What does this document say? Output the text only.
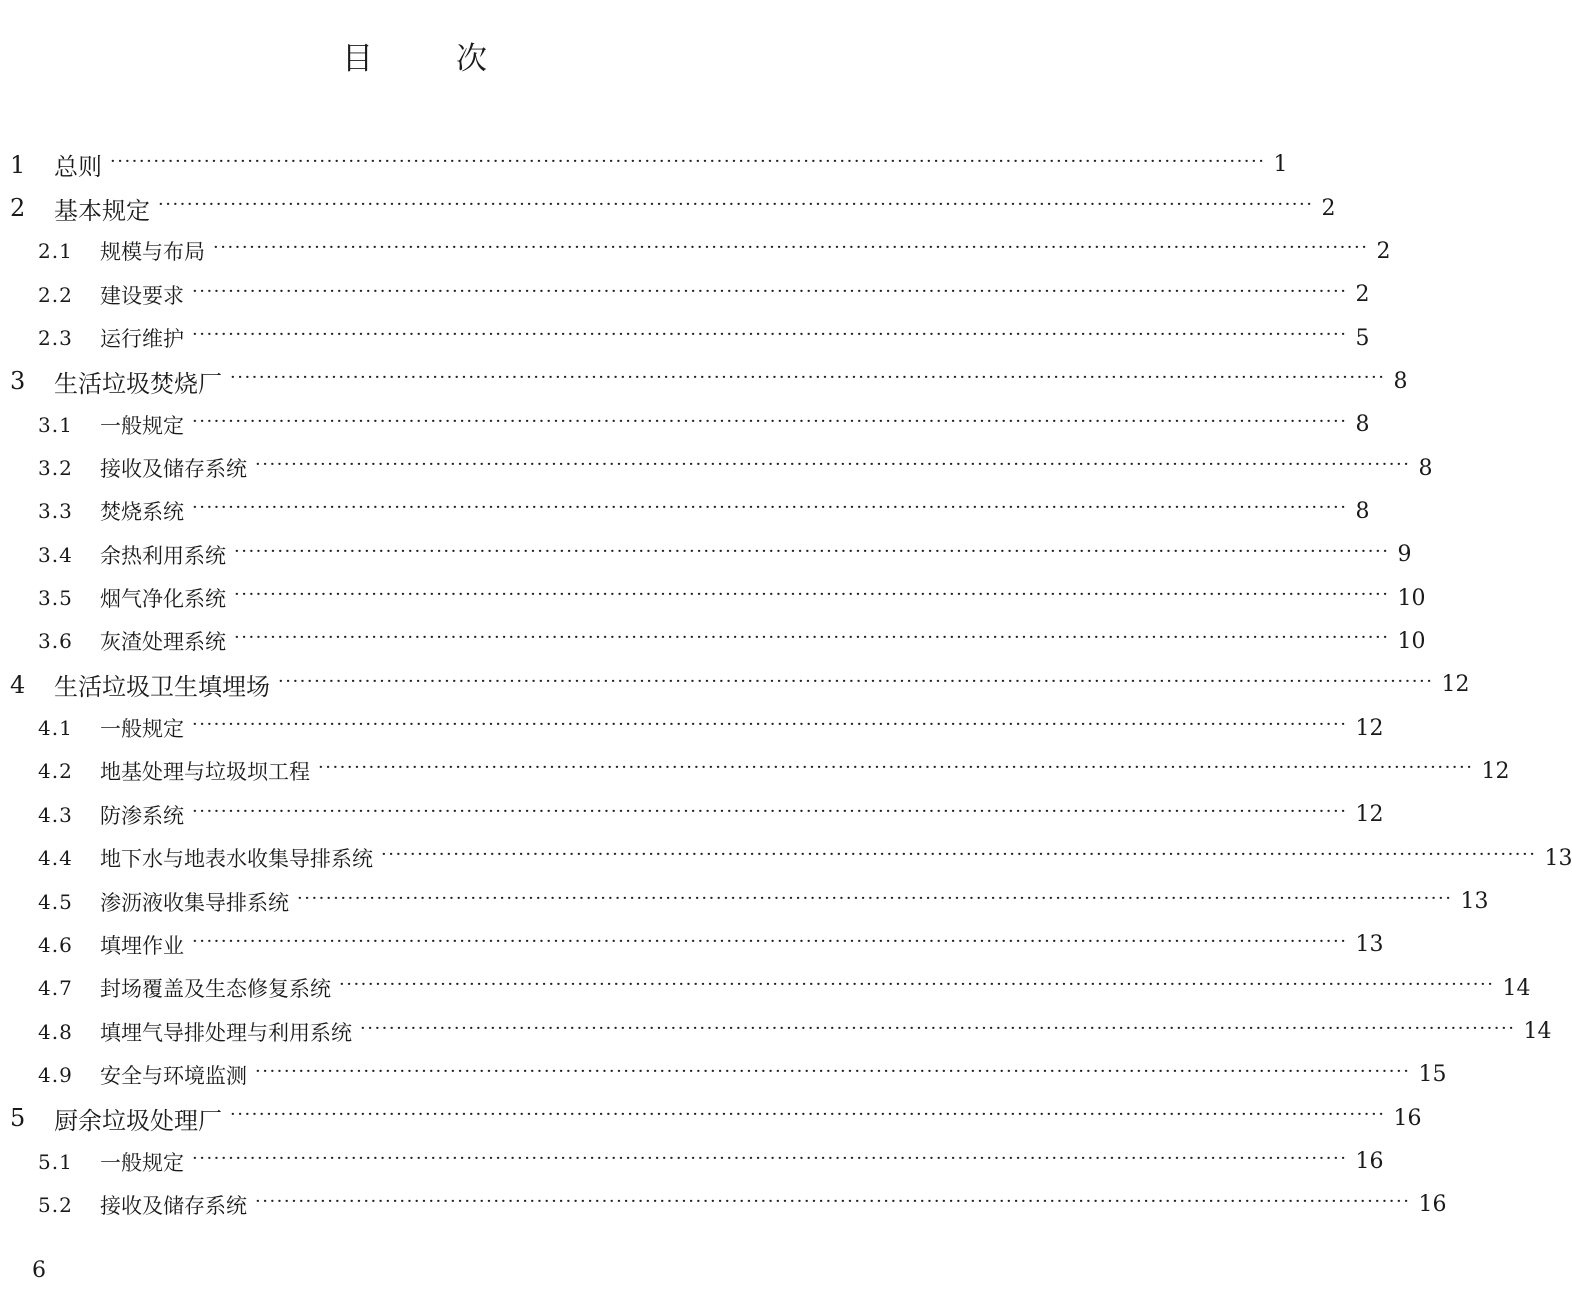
目	次
1	总则 ································································································································································ 1
2	基本规定 ································································································································································ 2
2.1	规模与布局 ································································································································································ 2
2.2	建设要求 ································································································································································ 2
2.3	运行维护 ································································································································································ 5
3	生活垃圾焚烧厂 ································································································································································ 8
3.1	一般规定 ································································································································································ 8
3.2	接收及储存系统 ································································································································································ 8
3.3	焚烧系统 ································································································································································ 8
3.4	余热利用系统 ································································································································································ 9
3.5	烟气净化系统 ································································································································································ 10
3.6	灰渣处理系统 ································································································································································ 10
4	生活垃圾卫生填埋场 ································································································································································ 12
4.1	一般规定 ································································································································································ 12
4.2	地基处理与垃圾坝工程 ································································································································································ 12
4.3	防渗系统 ································································································································································ 12
4.4	地下水与地表水收集导排系统 ································································································································································ 13
4.5	渗沥液收集导排系统 ································································································································································ 13
4.6	填埋作业 ································································································································································ 13
4.7	封场覆盖及生态修复系统 ································································································································································ 14
4.8	填埋气导排处理与利用系统 ································································································································································ 14
4.9	安全与环境监测 ································································································································································ 15
5	厨余垃圾处理厂 ································································································································································ 16
5.1	一般规定 ································································································································································ 16
5.2	接收及储存系统 ································································································································································ 16
6
